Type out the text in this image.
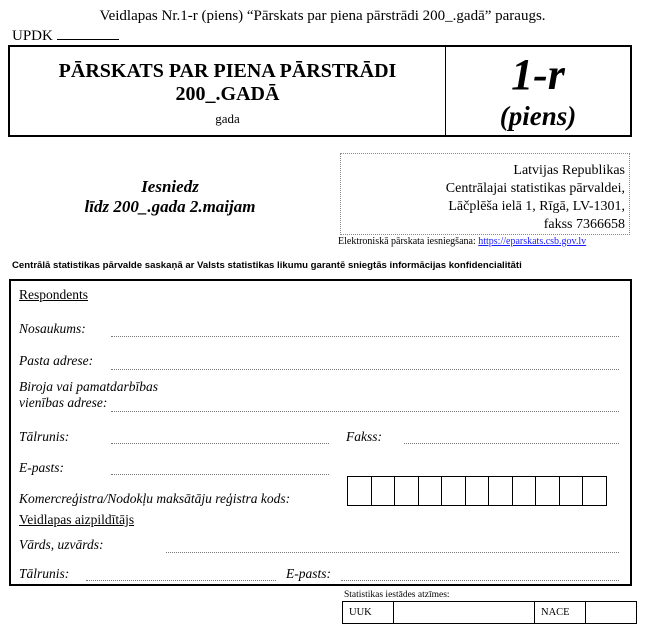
Veidlapas Nr.1-r (piens) “Pārskats par piena pārstrādi 200_.gadā” paraugs.
UPDK
PĀRSKATS PAR PIENA PĀRSTRĀDI
200_.GADĀ
gada
1-r
(piens)
Iesniedz
līdz 200_.gada 2.maijam
Latvijas Republikas
Centrālajai statistikas pārvaldei,
Lāčplēša ielā 1, Rīgā, LV-1301,
fakss 7366658
Elektroniskā pārskata iesniegšana: https://eparskats.csb.gov.lv
Centrālā statistikas pārvalde saskaņā ar Valsts statistikas likumu garantē sniegtās informācijas konfidencialitāti
Respondents
Nosaukums:
Pasta adrese:
Biroja vai pamatdarbības
vienības adrese:
Tālrunis:	Fakss:
E-pasts:
Komercreģistra/Nodokļu maksātāju reģistra kods:
Veidlapas aizpildītājs
Vārds, uzvārds:
Tālrunis:	E-pasts:
Statistikas iestādes atzīmes:
UUK		NACE	
